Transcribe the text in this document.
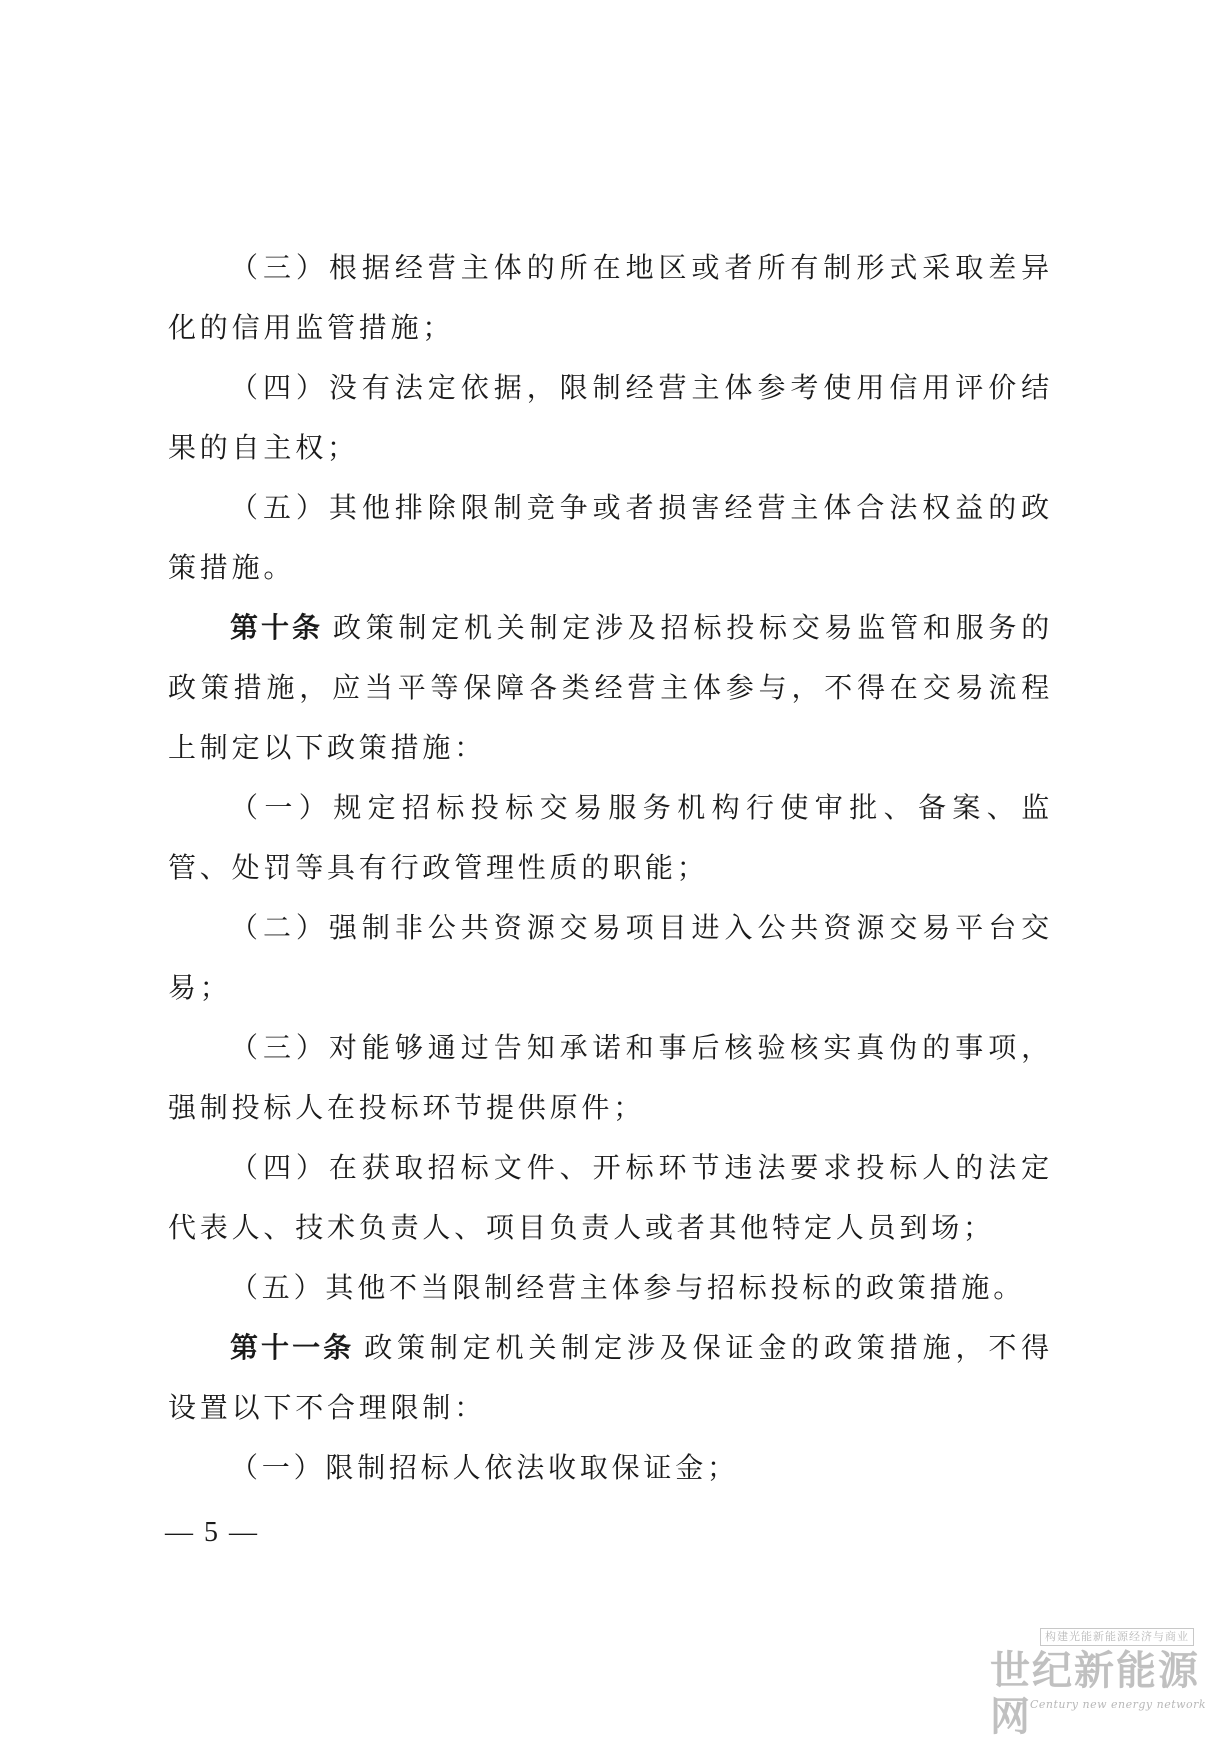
（三）根据经营主体的所在地区或者所有制形式采取差异化的信用监管措施；

（四）没有法定依据，限制经营主体参考使用信用评价结果的自主权；

（五）其他排除限制竞争或者损害经营主体合法权益的政策措施。

第十条 政策制定机关制定涉及招标投标交易监管和服务的政策措施，应当平等保障各类经营主体参与，不得在交易流程上制定以下政策措施：

（一）规定招标投标交易服务机构行使审批、备案、监管、处罚等具有行政管理性质的职能；

（二）强制非公共资源交易项目进入公共资源交易平台交易；

（三）对能够通过告知承诺和事后核验核实真伪的事项，强制投标人在投标环节提供原件；

（四）在获取招标文件、开标环节违法要求投标人的法定代表人、技术负责人、项目负责人或者其他特定人员到场；

（五）其他不当限制经营主体参与招标投标的政策措施。

第十一条 政策制定机关制定涉及保证金的政策措施，不得设置以下不合理限制：

（一）限制招标人依法收取保证金；

— 5 —
构建光能新能源经济与商业
世纪新能源网
Century new energy network
